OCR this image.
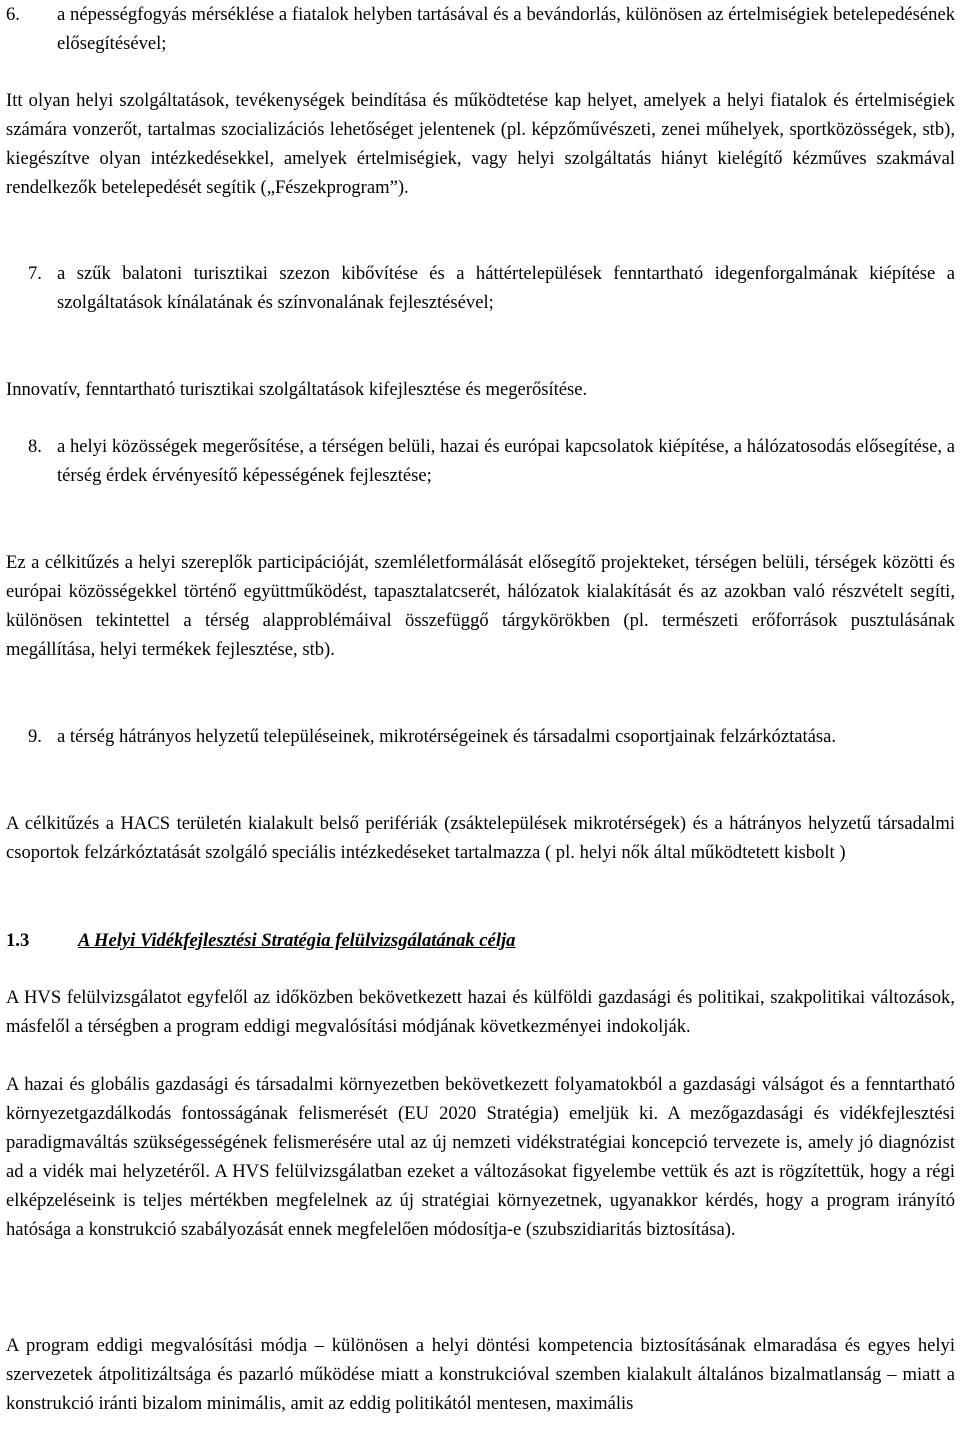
6. a népességfogyás mérséklése a fiatalok helyben tartásával és a bevándorlás, különösen az értelmiségiek betelepedésének elősegítésével;
Itt olyan helyi szolgáltatások, tevékenységek beindítása és működtetése kap helyet, amelyek a helyi fiatalok és értelmiségiek számára vonzerőt, tartalmas szocializációs lehetőséget jelentenek (pl. képzőművészeti, zenei műhelyek, sportközösségek, stb), kiegészítve olyan intézkedésekkel, amelyek értelmiségiek, vagy helyi szolgáltatás hiányt kielégítő kézműves szakmával rendelkezők betelepedését segítik („Fészekprogram”).
7. a szűk balatoni turisztikai szezon kibővítése és a háttértelepülések fenntartható idegenforgalmának kiépítése a szolgáltatások kínálatának és színvonalának fejlesztésével;
Innovatív, fenntartható turisztikai szolgáltatások kifejlesztése és megerősítése.
8. a helyi közösségek megerősítése, a térségen belüli, hazai és európai kapcsolatok kiépítése, a hálózatosodás elősegítése, a térség érdek érvényesítő képességének fejlesztése;
Ez a célkitűzés a helyi szereplők participációját, szemléletformálását elősegítő projekteket, térségen belüli, térségek közötti és európai közösségekkel történő együttműködést, tapasztalatcserét, hálózatok kialakítását és az azokban való részvételt segíti, különösen tekintettel a térség alapproblémáival összefüggő tárgykörökben (pl. természeti erőforrások pusztulásának megállítása, helyi termékek fejlesztése, stb).
9. a térség hátrányos helyzetű településeinek, mikrotérségeinek és társadalmi csoportjainak felzárkóztatása.
A célkitűzés a HACS területén kialakult belső perifériák (zsáktelepülések mikrotérségek) és a hátrányos helyzetű társadalmi csoportok felzárkóztatását szolgáló speciális intézkedéseket tartalmazza ( pl. helyi nők által működtetett kisbolt )
1.3	A Helyi Vidékfejlesztési Stratégia felülvizsgálatának célja
A HVS felülvizsgálatot egyfelől az időközben bekövetkezett hazai és külföldi gazdasági és politikai, szakpolitikai változások, másfelől a térségben a program eddigi megvalósítási módjának következményei indokolják.
A hazai és globális gazdasági és társadalmi környezetben bekövetkezett folyamatokból a gazdasági válságot és a fenntartható környezetgazdálkodás fontosságának felismerését (EU 2020 Stratégia) emeljük ki. A mezőgazdasági és vidékfejlesztési paradigmaváltás szükségességének felismerésére utal az új nemzeti vidékstratégiai koncepció tervezete is, amely jó diagnózist ad a vidék mai helyzetéről. A HVS felülvizsgálatban ezeket a változásokat figyelembe vettük és azt is rögzítettük, hogy a régi elképzeléseink is teljes mértékben megfelelnek az új stratégiai környezetnek, ugyanakkor kérdés, hogy a program irányító hatósága a konstrukció szabályozását ennek megfelelően módosítja-e (szubszidiaritás biztosítása).
A program eddigi megvalósítási módja – különösen a helyi döntési kompetencia biztosításának elmaradása és egyes helyi szervezetek átpolitizáltsága és pazarló működése miatt a konstrukcióval szemben kialakult általános bizalmatlanság – miatt a konstrukció iránti bizalom minimális, amit az eddig politikától mentesen, maximális
